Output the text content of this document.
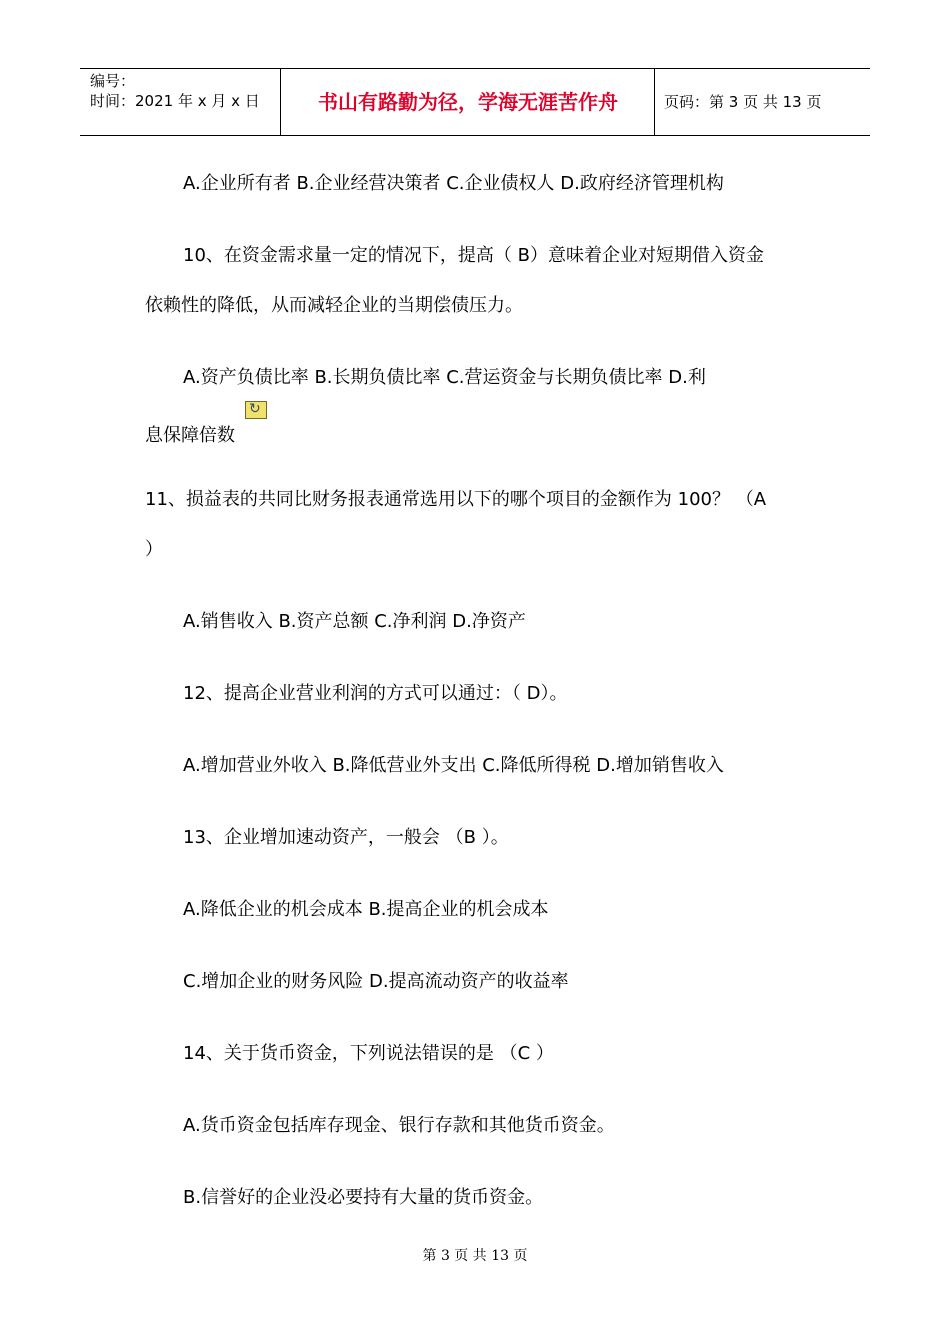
编号：
时间：2021 年 x 月 x 日	书山有路勤为径，学海无涯苦作舟	页码：第 3 页 共 13 页
A.企业所有者 B.企业经营决策者 C.企业债权人 D.政府经济管理机构
10、在资金需求量一定的情况下，提高（ B）意味着企业对短期借入资金
依赖性的降低，从而减轻企业的当期偿债压力。
A.资产负债比率 B.长期负债比率 C.营运资金与长期负债比率 D.利
↻
息保障倍数
11、损益表的共同比财务报表通常选用以下的哪个项目的金额作为 100？ （A
）
A.销售收入 B.资产总额 C.净利润 D.净资产
12、提高企业营业利润的方式可以通过：（ D）。
A.增加营业外收入 B.降低营业外支出 C.降低所得税 D.增加销售收入
13、企业增加速动资产，一般会 （B ）。
A.降低企业的机会成本 B.提高企业的机会成本
C.增加企业的财务风险 D.提高流动资产的收益率
14、关于货币资金，下列说法错误的是 （C ）
A.货币资金包括库存现金、银行存款和其他货币资金。
B.信誉好的企业没必要持有大量的货币资金。
第 3 页 共 13 页
